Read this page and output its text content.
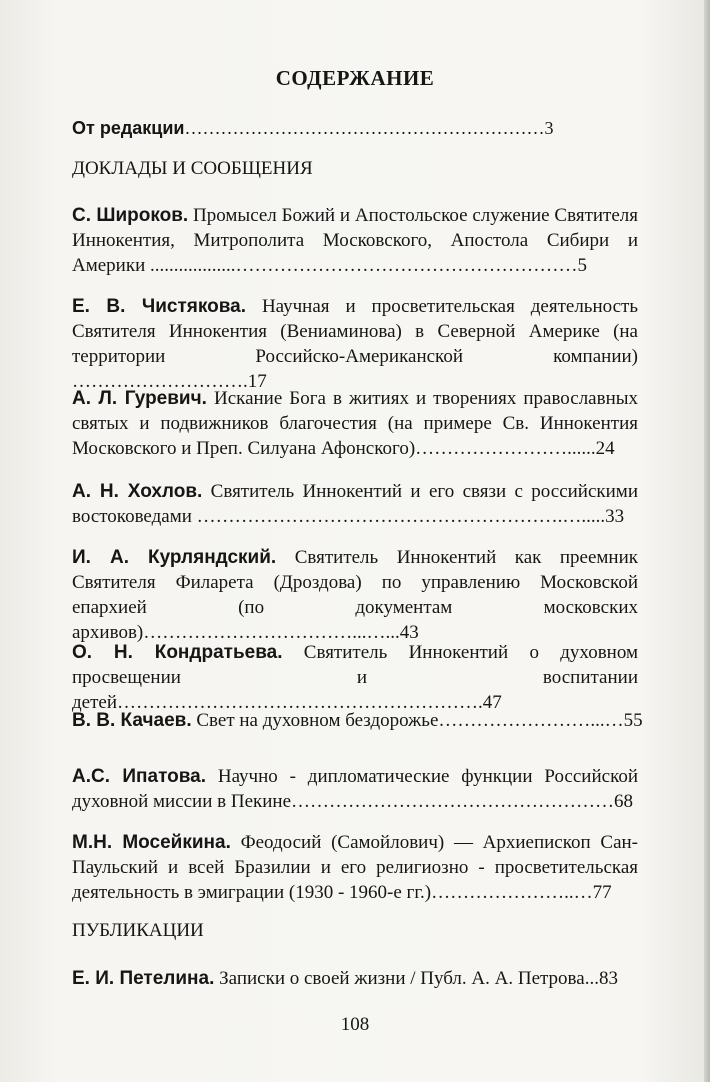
СОДЕРЖАНИЕ
От редакции……………………………………………………3
ДОКЛАДЫ И СООБЩЕНИЯ
С. Широков. Промысел Божий и Апостольское служение Святителя Иннокентия, Митрополита Московского, Апостола Сибири и Америки ..................………………………………………………5
Е. В. Чистякова. Научная и просветительская деятельность Святителя Иннокентия (Вениаминова) в Северной Америке (на территории Российско-Американской компании) ……………………….17
А. Л. Гуревич. Искание Бога в житиях и творениях православных святых и подвижников благочестия (на примере Св. Иннокентия Московского и Преп. Силуана Афонского)……………………......24
А. Н. Хохлов. Святитель Иннокентий и его связи с российскими востоковедами ………………………………………………….….....33
И. А. Курляндский. Святитель Иннокентий как преемник Святителя Филарета (Дроздова) по управлению Московской епархией (по документам московских архивов)……………………………...…...43
О. Н. Кондратьева. Святитель Иннокентий о духовном просвещении и воспитании детей………………………………………………….47
В. В. Качаев. Свет на духовном бездорожье……………………...…55
А.С. Ипатова. Научно - дипломатические функции Российской духовной миссии в Пекине……………………………………………68
М.Н. Мосейкина. Феодосий (Самойлович) — Архиепископ Сан-Паульский и всей Бразилии и его религиозно - просветительская деятельность в эмиграции (1930 - 1960-е гг.)…………………..…77
ПУБЛИКАЦИИ
Е. И. Петелина. Записки о своей жизни / Публ. А. А. Петрова...83
108
